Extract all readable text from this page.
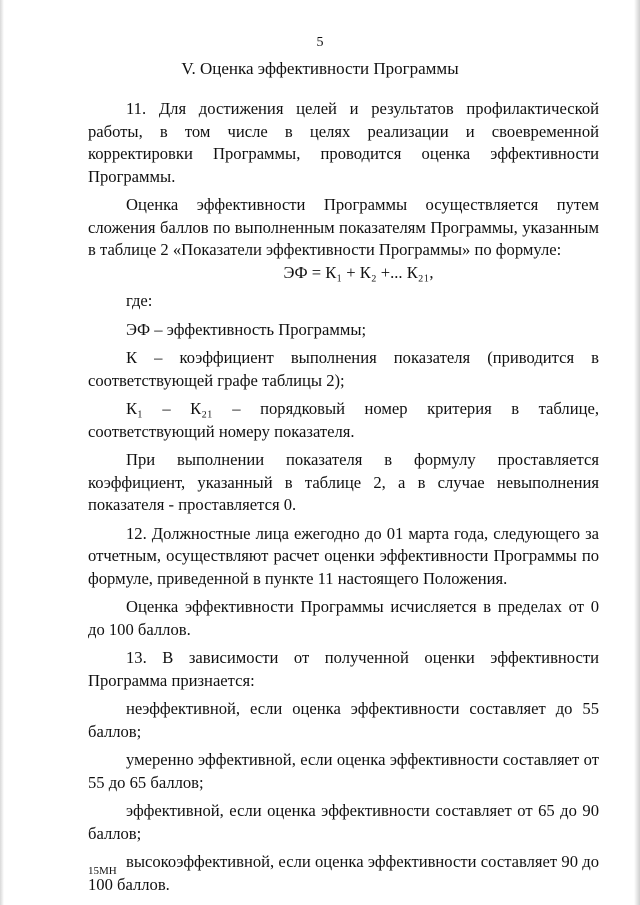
5
V. Оценка эффективности Программы

11. Для достижения целей и результатов профилактической работы, в том числе в целях реализации и своевременной корректировки Программы, проводится оценка эффективности Программы.

Оценка эффективности Программы осуществляется путем сложения баллов по выполненным показателям Программы, указанным в таблице 2 «Показатели эффективности Программы» по формуле:

ЭФ = К₁ + К₂ +... К₂₁,

где:

ЭФ – эффективность Программы;

К – коэффициент выполнения показателя (приводится в соответствующей графе таблицы 2);

К₁ – К₂₁ – порядковый номер критерия в таблице, соответствующий номеру показателя.

При выполнении показателя в формулу проставляется коэффициент, указанный в таблице 2, а в случае невыполнения показателя - проставляется 0.

12. Должностные лица ежегодно до 01 марта года, следующего за отчетным, осуществляют расчет оценки эффективности Программы по формуле, приведенной в пункте 11 настоящего Положения.

Оценка эффективности Программы исчисляется в пределах от 0 до 100 баллов.

13. В зависимости от полученной оценки эффективности Программа признается:

неэффективной, если оценка эффективности составляет до 55 баллов;

умеренно эффективной, если оценка эффективности составляет от 55 до 65 баллов;

эффективной, если оценка эффективности составляет от 65 до 90 баллов;

высокоэффективной, если оценка эффективности составляет 90 до 100 баллов.

15МН
